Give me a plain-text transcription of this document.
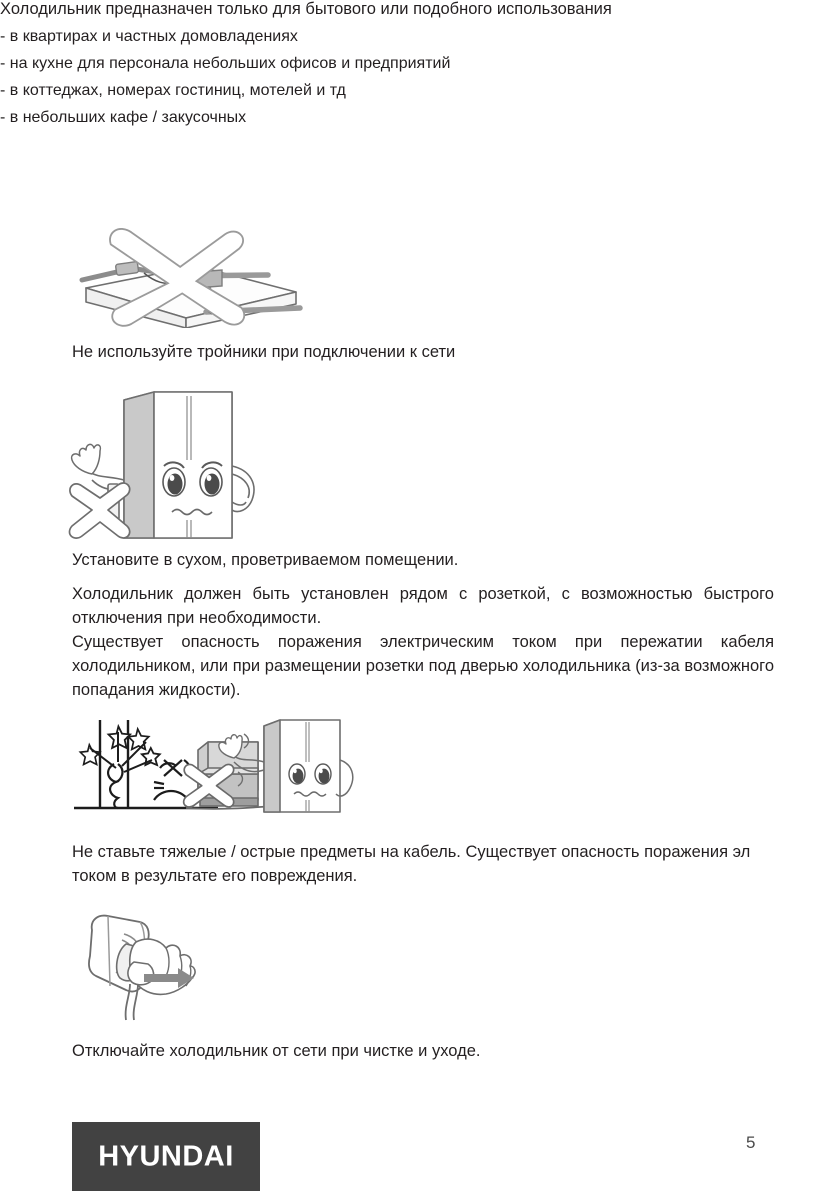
Холодильник предназначен только для бытового или подобного использования

- в квартирах и частных домовладениях

- на кухне для персонала небольших офисов и предприятий

- в коттеджах, номерах гостиниц, мотелей и тд

- в небольших кафе / закусочных

Не используйте тройники при подключении к сети
Установите в сухом, проветриваемом помещении.
Холодильник должен быть установлен рядом с розеткой, с возможностью быстрого отключения при необходимости.
Существует опасность поражения электрическим током при пережатии кабеля холодильником, или при размещении розетки под дверью холодильника (из-за возможного попадания жидкости).
Не ставьте тяжелые / острые предметы на кабель. Существует опасность поражения эл током в результате его повреждения.
Отключайте холодильник от сети при чистке и уходе.
HYUNDAI	5
